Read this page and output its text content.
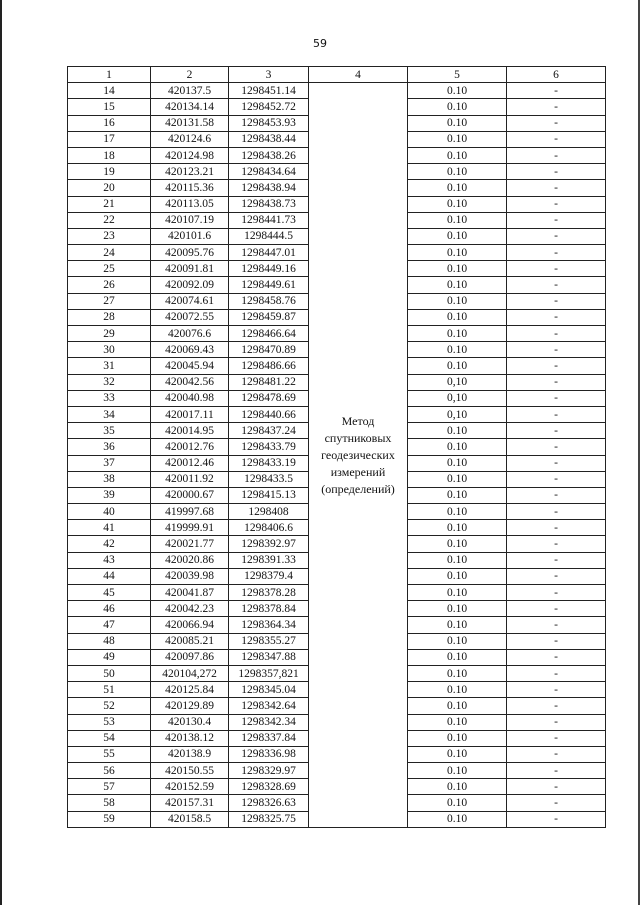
59
1	2	3	4	5	6
14	420137.5	1298451.14	Метод
спутниковых
геодезических
измерений
(определений)	0.10	-
15	420134.14	1298452.72		0.10	-
16	420131.58	1298453.93		0.10	-
17	420124.6	1298438.44		0.10	-
18	420124.98	1298438.26		0.10	-
19	420123.21	1298434.64		0.10	-
20	420115.36	1298438.94		0.10	-
21	420113.05	1298438.73		0.10	-
22	420107.19	1298441.73		0.10	-
23	420101.6	1298444.5		0.10	-
24	420095.76	1298447.01		0.10	-
25	420091.81	1298449.16		0.10	-
26	420092.09	1298449.61		0.10	-
27	420074.61	1298458.76		0.10	-
28	420072.55	1298459.87		0.10	-
29	420076.6	1298466.64		0.10	-
30	420069.43	1298470.89		0.10	-
31	420045.94	1298486.66		0.10	-
32	420042.56	1298481.22		0,10	-
33	420040.98	1298478.69		0,10	-
34	420017.11	1298440.66		0,10	-
35	420014.95	1298437.24		0.10	-
36	420012.76	1298433.79		0.10	-
37	420012.46	1298433.19		0.10	-
38	420011.92	1298433.5		0.10	-
39	420000.67	1298415.13		0.10	-
40	419997.68	1298408		0.10	-
41	419999.91	1298406.6		0.10	-
42	420021.77	1298392.97		0.10	-
43	420020.86	1298391.33		0.10	-
44	420039.98	1298379.4		0.10	-
45	420041.87	1298378.28		0.10	-
46	420042.23	1298378.84		0.10	-
47	420066.94	1298364.34		0.10	-
48	420085.21	1298355.27		0.10	-
49	420097.86	1298347.88		0.10	-
50	420104,272	1298357,821		0.10	-
51	420125.84	1298345.04		0.10	-
52	420129.89	1298342.64		0.10	-
53	420130.4	1298342.34		0.10	-
54	420138.12	1298337.84		0.10	-
55	420138.9	1298336.98		0.10	-
56	420150.55	1298329.97		0.10	-
57	420152.59	1298328.69		0.10	-
58	420157.31	1298326.63		0.10	-
59	420158.5	1298325.75		0.10	-
